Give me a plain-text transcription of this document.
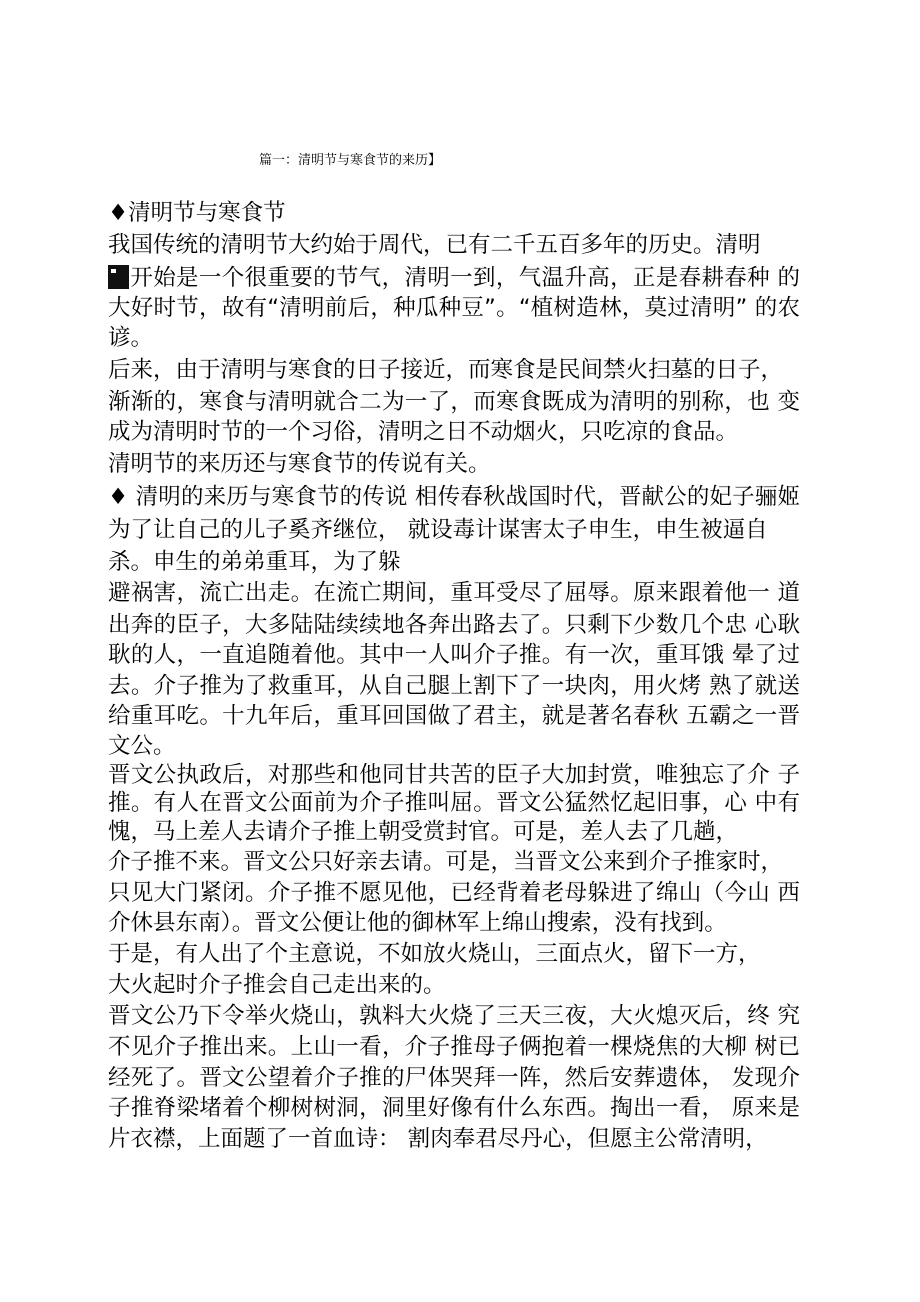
篇一：清明节与寒食节的来历】
♦清明节与寒食节
我国传统的清明节大约始于周代，已有二千五百多年的历史。清明
开始是一个很重要的节气，清明一到，气温升高，正是春耕春种 的
大好时节，故有“清明前后，种瓜种豆”。“植树造林，莫过清明” 的农
谚。
后来，由于清明与寒食的日子接近，而寒食是民间禁火扫墓的日子，
渐渐的，寒食与清明就合二为一了，而寒食既成为清明的别称，也 变
成为清明时节的一个习俗，清明之日不动烟火，只吃凉的食品。
清明节的来历还与寒食节的传说有关。
♦ 清明的来历与寒食节的传说 相传春秋战国时代，晋献公的妃子骊姬
为了让自己的儿子奚齐继位， 就设毒计谋害太子申生，申生被逼自
杀。申生的弟弟重耳，为了躲
避祸害，流亡出走。在流亡期间，重耳受尽了屈辱。原来跟着他一 道
出奔的臣子，大多陆陆续续地各奔出路去了。只剩下少数几个忠 心耿
耿的人，一直追随着他。其中一人叫介子推。有一次，重耳饿 晕了过
去。介子推为了救重耳，从自己腿上割下了一块肉，用火烤 熟了就送
给重耳吃。十九年后，重耳回国做了君主，就是著名春秋 五霸之一晋
文公。
晋文公执政后，对那些和他同甘共苦的臣子大加封赏，唯独忘了介 子
推。有人在晋文公面前为介子推叫屈。晋文公猛然忆起旧事，心 中有
愧，马上差人去请介子推上朝受赏封官。可是，差人去了几趟，
介子推不来。晋文公只好亲去请。可是，当晋文公来到介子推家时，
只见大门紧闭。介子推不愿见他，已经背着老母躲进了绵山（今山 西
介休县东南）。晋文公便让他的御林军上绵山搜索，没有找到。
于是，有人出了个主意说，不如放火烧山，三面点火，留下一方，
大火起时介子推会自己走出来的。
晋文公乃下令举火烧山，孰料大火烧了三天三夜，大火熄灭后，终 究
不见介子推出来。上山一看，介子推母子俩抱着一棵烧焦的大柳 树已
经死了。晋文公望着介子推的尸体哭拜一阵，然后安葬遗体， 发现介
子推脊梁堵着个柳树树洞，洞里好像有什么东西。掏出一看， 原来是
片衣襟，上面题了一首血诗： 割肉奉君尽丹心，但愿主公常清明，
